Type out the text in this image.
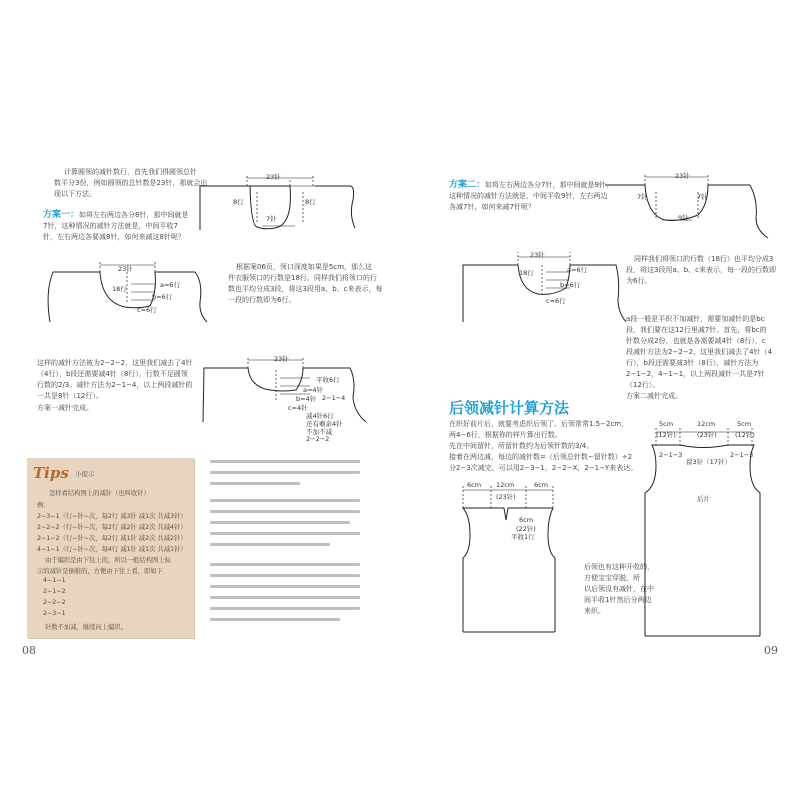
计算圆领的减针数行，首先我们得圆领总针
数平分3份，例如圆领的总针数是23针，那就会出
现以下方法。
方案一：如将左右两边各分8针，那中间就是
7针，这种情况的减针方法就是，中间平收7
针，左右两边各要减8针，如何来减这8针呢？
23针
8行	8行
7针
23针
18行	a=6行
b=6行
c=6行
根据案06页，领口深度如果是5cm，那么这
件衣服领口的行数是18行。同样我们将领口的行
数也平均分成3段，将这3段用a、b、c来表示，每
一段的行数即为6行。
这样的减针方法被为2−2−2，这里我们减去了4针
（4行），b段还需要减4针（8行），行数不足圆领
行数的2/3。减针方法为2−1−4，以上两段减针的
一共是8针（12行）。
方案一减针完成。
23针
平收6行
a=4针
b=4针
c=4针
2−1−4
减4针6行
还有剩余4针
不加不减
2−2−2
Tips 小提示
怎样看结构图上的减针（也叫收针）
例：
2−3−1（行−针−次，每2行 减3针 减1次 共减3针）
2−2−2（行−针−次，每2行 减2针 减2次 共减4针）
2−1−2（行−针−次，每2行 减1针 减2次 共减2针）
4−1−1（行−针−次，每4行 减1针 减1次 共减1针）
由于编织是由下往上的，所以一般结构图上标
示的减针是倒推的，方便由下往上看，即如下
4−1−1
2−1−2
2−2−2
2−3−1
针数不加减，继续向上编织。
08
方案二：如将左右两边各分7针，那中间就是9针，
这种情况的减针方法就是，中间平收9针，左右两边
各减7针，如何来减7针呢？
23针
7针	7针
9针
23针
18行	a=6行
b=6行
c=6行
同样我们将领口的行数（18行）也平均分成3
段，将这3段用a、b、c来表示，每一段的行数即
为6行。
a段一般是平织不加减针，需要加减针的是bc
段，我们要在这12行里减7针。首先，将bc的
针数分成2份，也就是各需要减4针（8行），c
段减针方法为2−2−2，这里我们减去了4针（4
行），b段还需要减3针（8行），减针方法为
2−1−2，4−1−1，以上两段减针一共是7针
（12行）。
方案二减针完成。
后领减针计算方法
在织好前片后，就要考虑织后领了。后领常常1.5−2cm，
两4−6行，根据你的样片算出行数。
先在中间留针，所留针数约为后领针数的3/4。
接着在两边减，每边的减针数=（后领总针数−留针数）÷2
分2−3次减完，可以用2−3−1，2−2−X，2−1−Y来表达。
6cm 12cm	6cm
(23针)
6cm
(22针)
平收1行
后领也有这种开收的，
方便宝宝穿脱，所
以后领没有减针，在中
间平收1针然后分两边
来织。
5cm	12cm	5cm
(12针)	(23针)	(12针)
2−1−3
留3针（17针）
2−1−3
后片
09
